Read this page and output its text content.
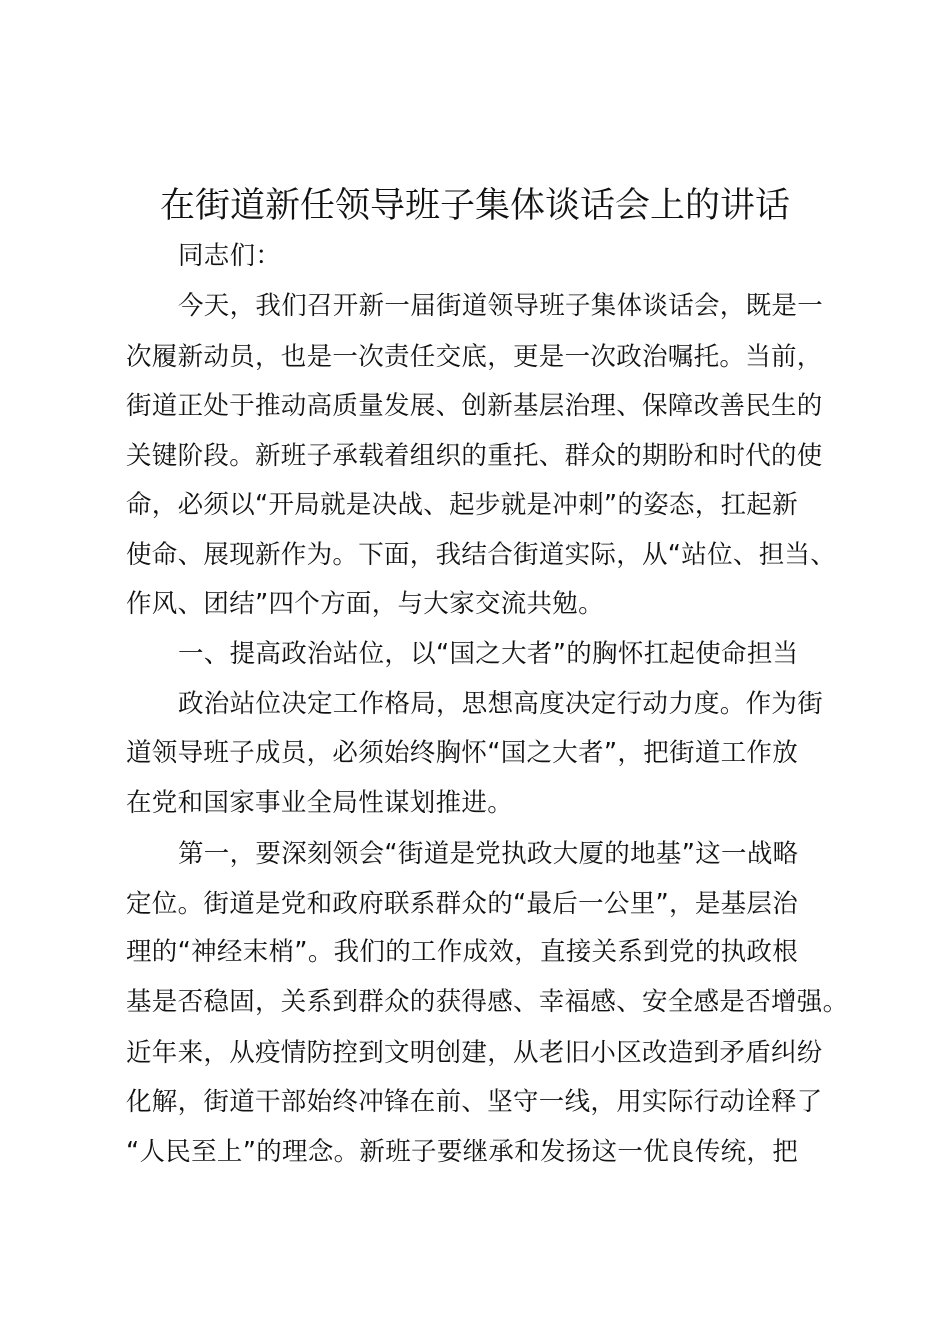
在街道新任领导班子集体谈话会上的讲话
同志们：
今天，我们召开新一届街道领导班子集体谈话会，既是一
次履新动员，也是一次责任交底，更是一次政治嘱托。当前，
街道正处于推动高质量发展、创新基层治理、保障改善民生的
关键阶段。新班子承载着组织的重托、群众的期盼和时代的使
命，必须以“开局就是决战、起步就是冲刺”的姿态，扛起新
使命、展现新作为。下面，我结合街道实际，从“站位、担当、
作风、团结”四个方面，与大家交流共勉。
一、提高政治站位，以“国之大者”的胸怀扛起使命担当
政治站位决定工作格局，思想高度决定行动力度。作为街
道领导班子成员，必须始终胸怀“国之大者”，把街道工作放
在党和国家事业全局性谋划推进。
第一，要深刻领会“街道是党执政大厦的地基”这一战略
定位。街道是党和政府联系群众的“最后一公里”，是基层治
理的“神经末梢”。我们的工作成效，直接关系到党的执政根
基是否稳固，关系到群众的获得感、幸福感、安全感是否增强。
近年来，从疫情防控到文明创建，从老旧小区改造到矛盾纠纷
化解，街道干部始终冲锋在前、坚守一线，用实际行动诠释了
“人民至上”的理念。新班子要继承和发扬这一优良传统，把
